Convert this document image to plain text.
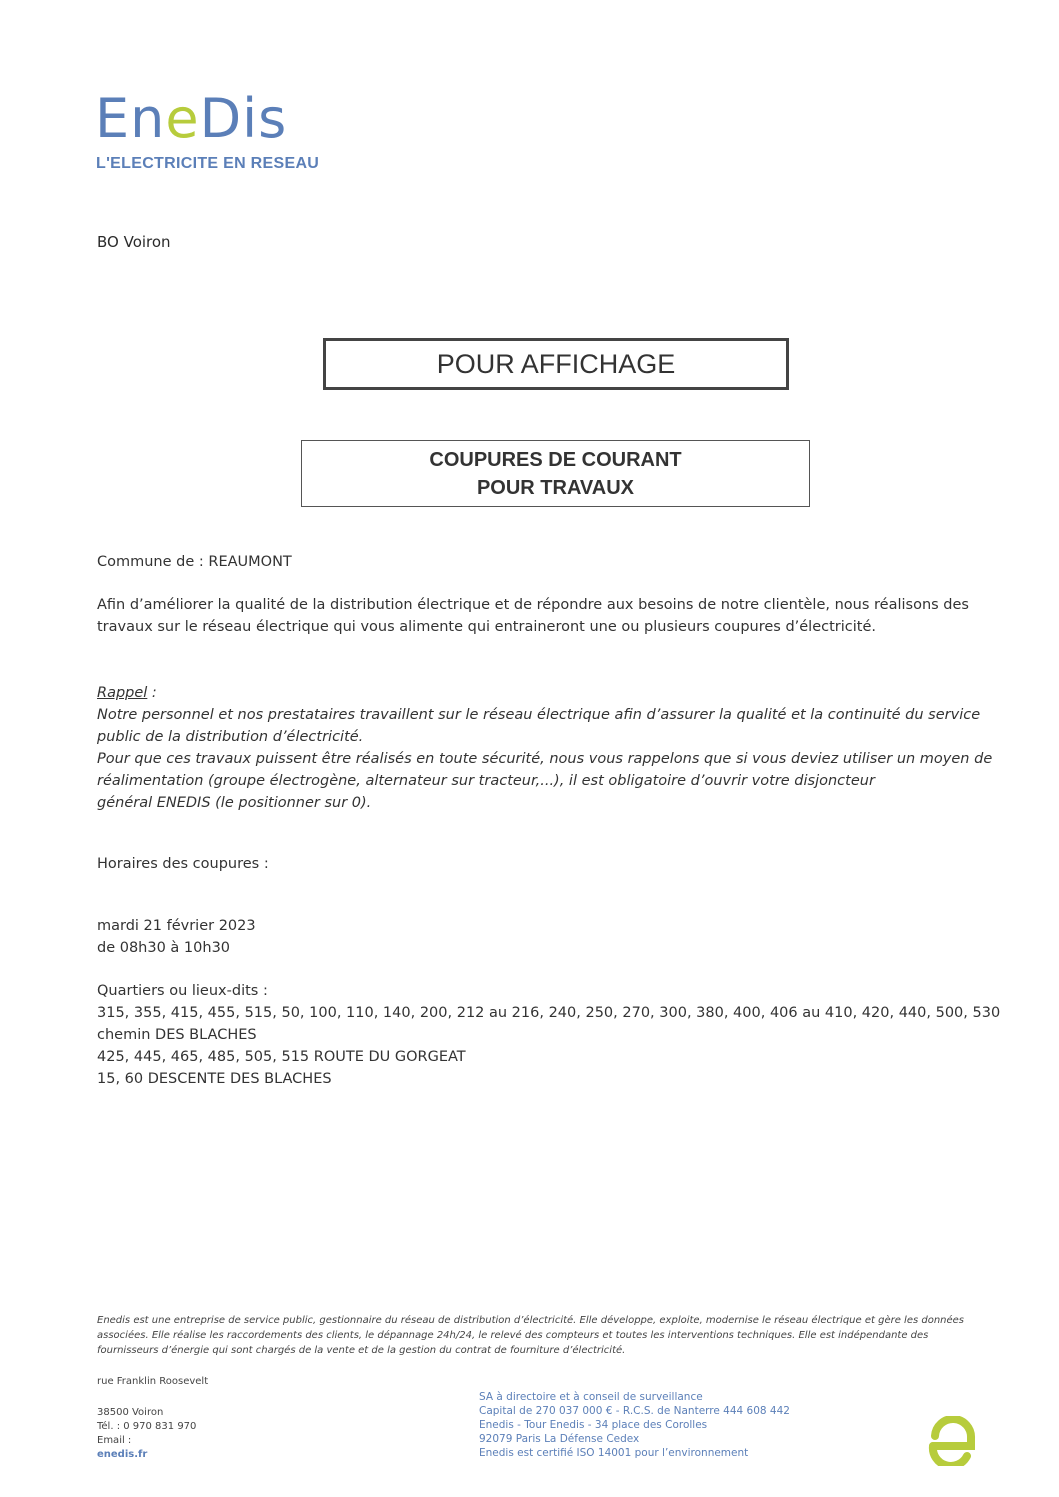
EneDis
L'ELECTRICITE EN RESEAU
BO Voiron
POUR AFFICHAGE
COUPURES DE COURANT
POUR TRAVAUX
Commune de : REAUMONT
Afin d’améliorer la qualité de la distribution électrique et de répondre aux besoins de notre clientèle, nous réalisons des
travaux sur le réseau électrique qui vous alimente qui entraineront une ou plusieurs coupures d’électricité.
Rappel :
Notre personnel et nos prestataires travaillent sur le réseau électrique afin d’assurer la qualité et la continuité du service
public de la distribution d’électricité.
Pour que ces travaux puissent être réalisés en toute sécurité, nous vous rappelons que si vous deviez utiliser un moyen de
réalimentation (groupe électrogène, alternateur sur tracteur,...), il est obligatoire d’ouvrir votre disjoncteur
général ENEDIS (le positionner sur 0).
Horaires des coupures :
mardi 21 février 2023
de 08h30 à 10h30
Quartiers ou lieux-dits :
315, 355, 415, 455, 515, 50, 100, 110, 140, 200, 212 au 216, 240, 250, 270, 300, 380, 400, 406 au 410, 420, 440, 500, 530
chemin DES BLACHES
425, 445, 465, 485, 505, 515 ROUTE DU GORGEAT
15, 60 DESCENTE DES BLACHES
Enedis est une entreprise de service public, gestionnaire du réseau de distribution d’électricité. Elle développe, exploite, modernise le réseau électrique et gère les données
associées. Elle réalise les raccordements des clients, le dépannage 24h/24, le relevé des compteurs et toutes les interventions techniques. Elle est indépendante des
fournisseurs d’énergie qui sont chargés de la vente et de la gestion du contrat de fourniture d’électricité.
rue Franklin Roosevelt
38500 Voiron
Tél. : 0 970 831 970
Email :
enedis.fr
SA à directoire et à conseil de surveillance
Capital de 270 037 000 € - R.C.S. de Nanterre 444 608 442
Enedis - Tour Enedis - 34 place des Corolles
92079 Paris La Défense Cedex
Enedis est certifié ISO 14001 pour l’environnement
